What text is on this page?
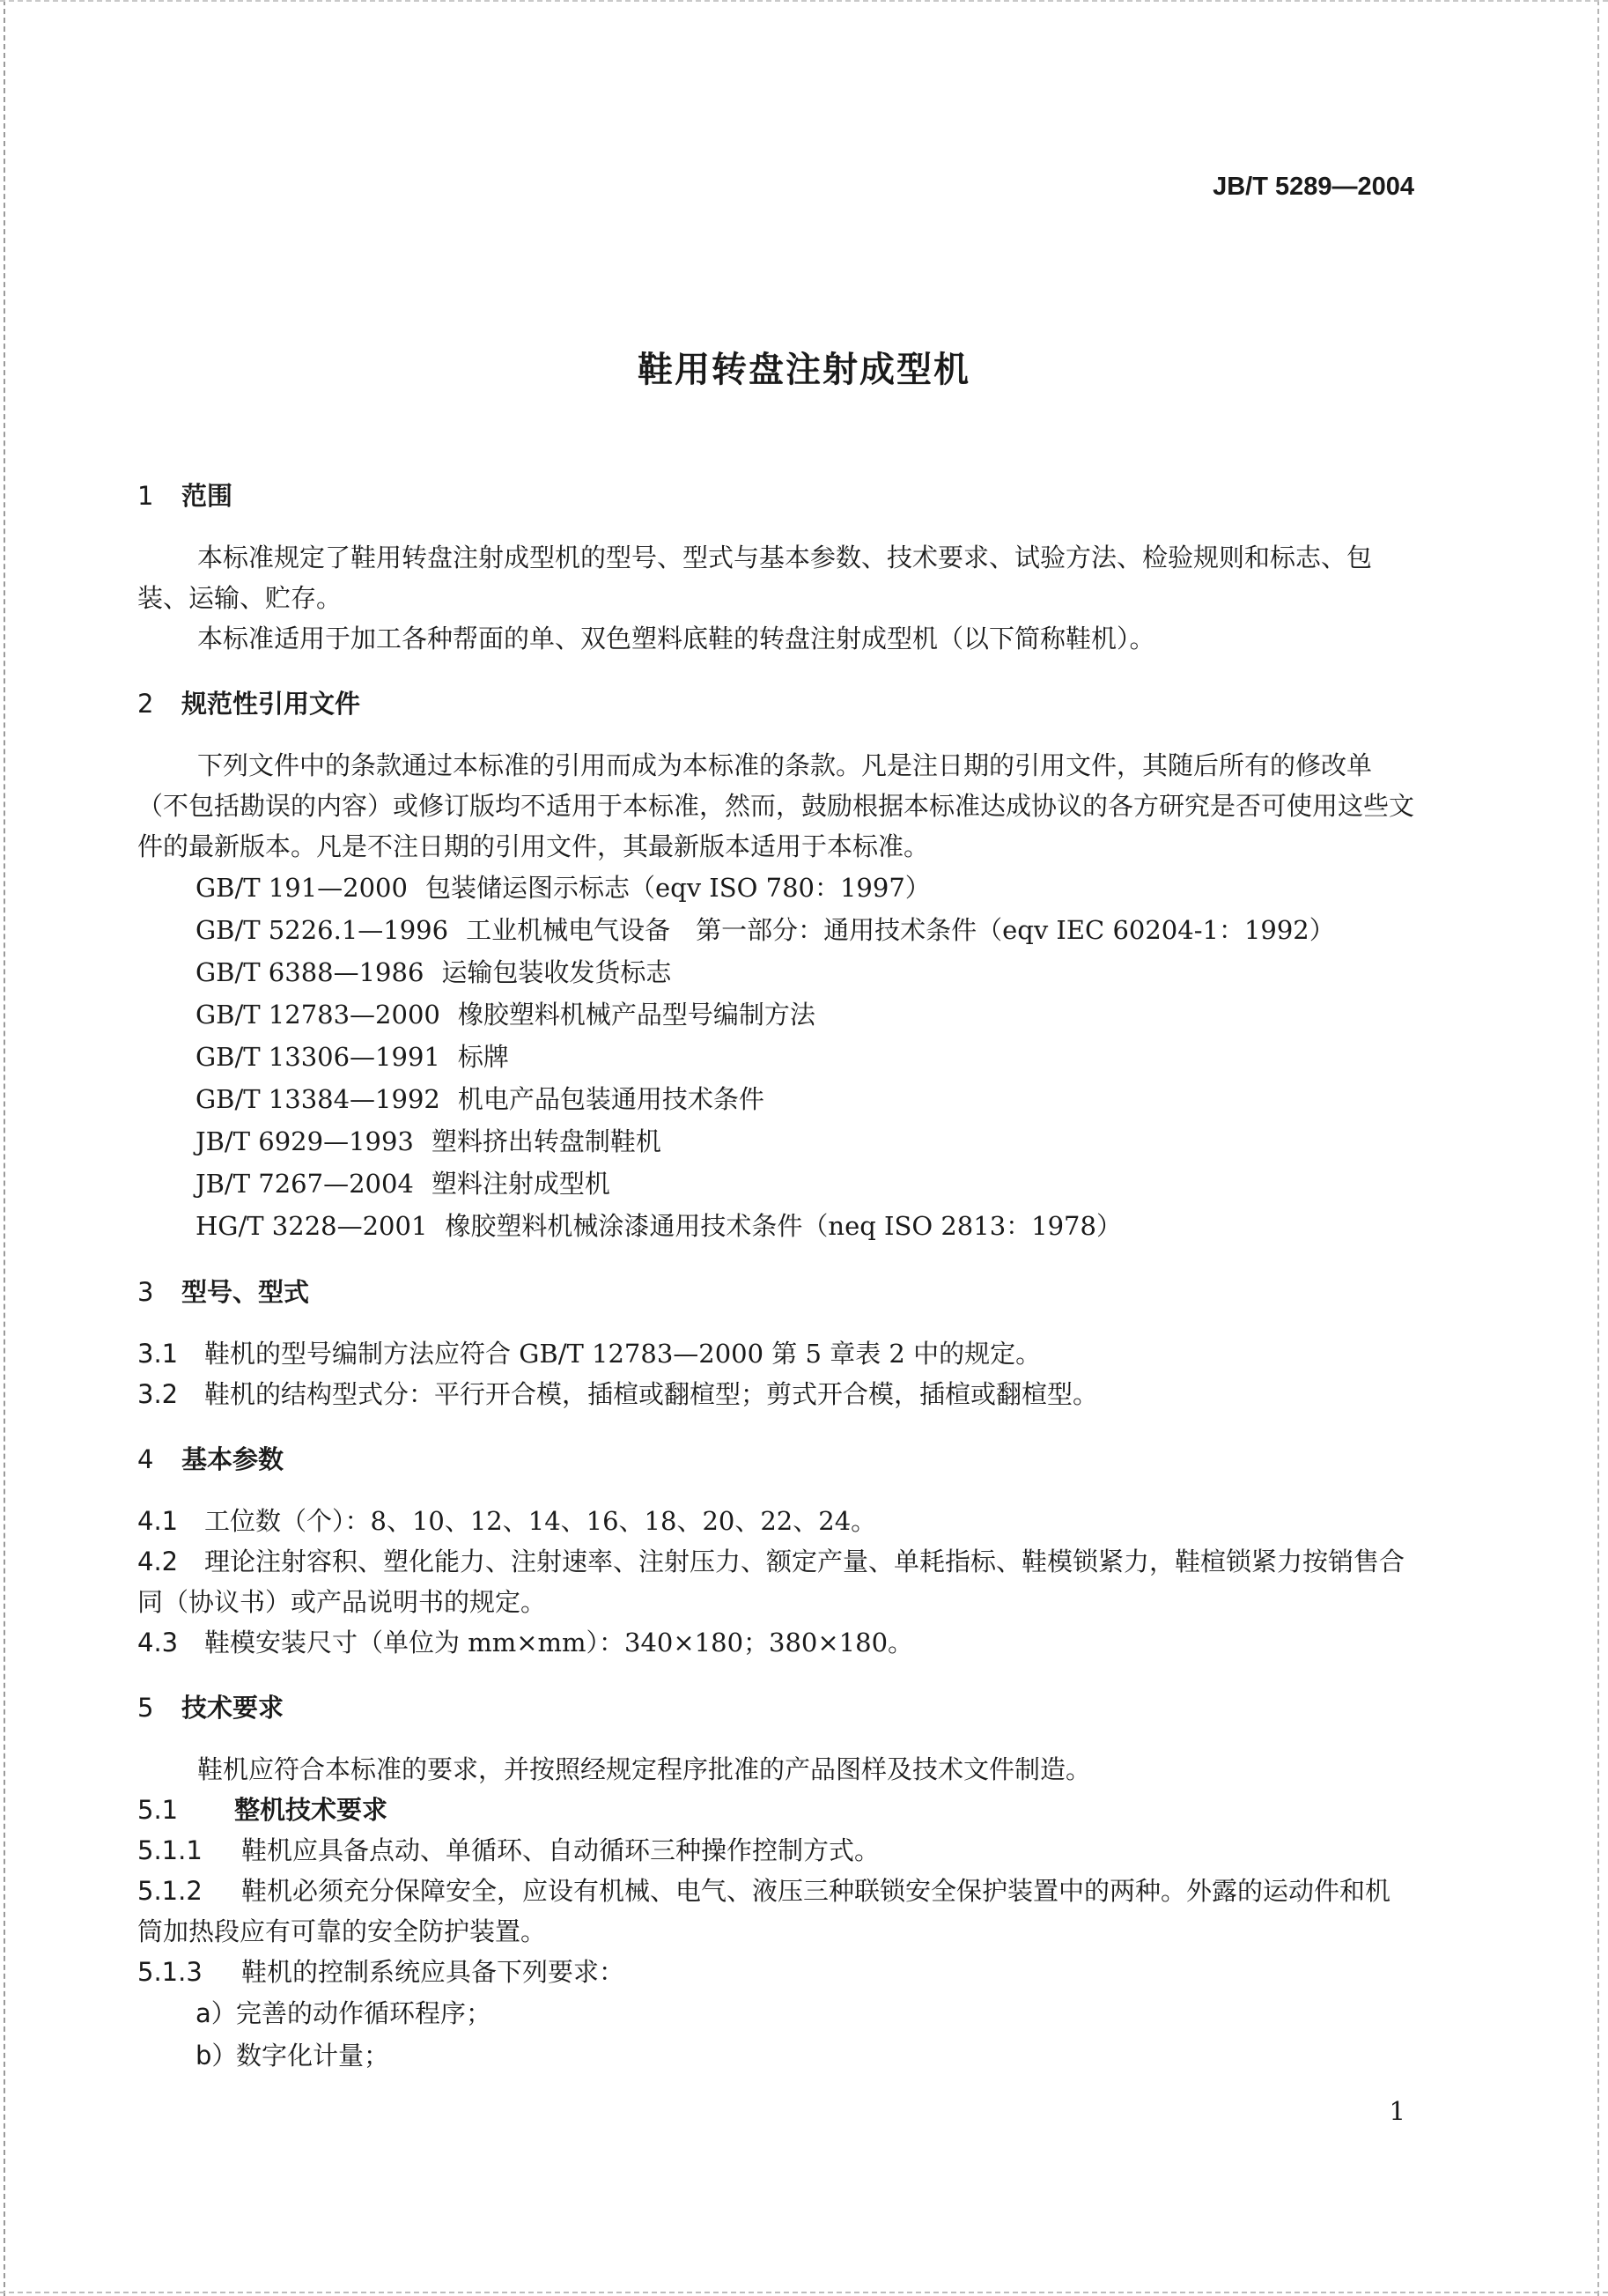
JB/T 5289—2004
鞋用转盘注射成型机
1 范围

本标准规定了鞋用转盘注射成型机的型号、型式与基本参数、技术要求、试验方法、检验规则和标志、包装、运输、贮存。

本标准适用于加工各种帮面的单、双色塑料底鞋的转盘注射成型机（以下简称鞋机）。

2 规范性引用文件

下列文件中的条款通过本标准的引用而成为本标准的条款。凡是注日期的引用文件，其随后所有的修改单（不包括勘误的内容）或修订版均不适用于本标准，然而，鼓励根据本标准达成协议的各方研究是否可使用这些文件的最新版本。凡是不注日期的引用文件，其最新版本适用于本标准。

GB/T 191—2000 包装储运图示标志（eqv ISO 780：1997）
GB/T 5226.1—1996 工业机械电气设备　第一部分：通用技术条件（eqv IEC 60204-1：1992）
GB/T 6388—1986 运输包装收发货标志
GB/T 12783—2000 橡胶塑料机械产品型号编制方法
GB/T 13306—1991 标牌
GB/T 13384—1992 机电产品包装通用技术条件
JB/T 6929—1993 塑料挤出转盘制鞋机
JB/T 7267—2004 塑料注射成型机
HG/T 3228—2001 橡胶塑料机械涂漆通用技术条件（neq ISO 2813：1978）
3 型号、型式

3.1 鞋机的型号编制方法应符合 GB/T 12783—2000 第 5 章表 2 中的规定。

3.2 鞋机的结构型式分：平行开合模，插楦或翻楦型；剪式开合模，插楦或翻楦型。

4 基本参数

4.1 工位数（个）：8、10、12、14、16、18、20、22、24。

4.2 理论注射容积、塑化能力、注射速率、注射压力、额定产量、单耗指标、鞋模锁紧力，鞋楦锁紧力按销售合同（协议书）或产品说明书的规定。

4.3 鞋模安装尺寸（单位为 mm×mm）：340×180；380×180。

5 技术要求

鞋机应符合本标准的要求，并按照经规定程序批准的产品图样及技术文件制造。

5.1 整机技术要求

5.1.1 鞋机应具备点动、单循环、自动循环三种操作控制方式。

5.1.2 鞋机必须充分保障安全，应设有机械、电气、液压三种联锁安全保护装置中的两种。外露的运动件和机筒加热段应有可靠的安全防护装置。

5.1.3 鞋机的控制系统应具备下列要求：

a）完善的动作循环程序；
b）数字化计量；
1
